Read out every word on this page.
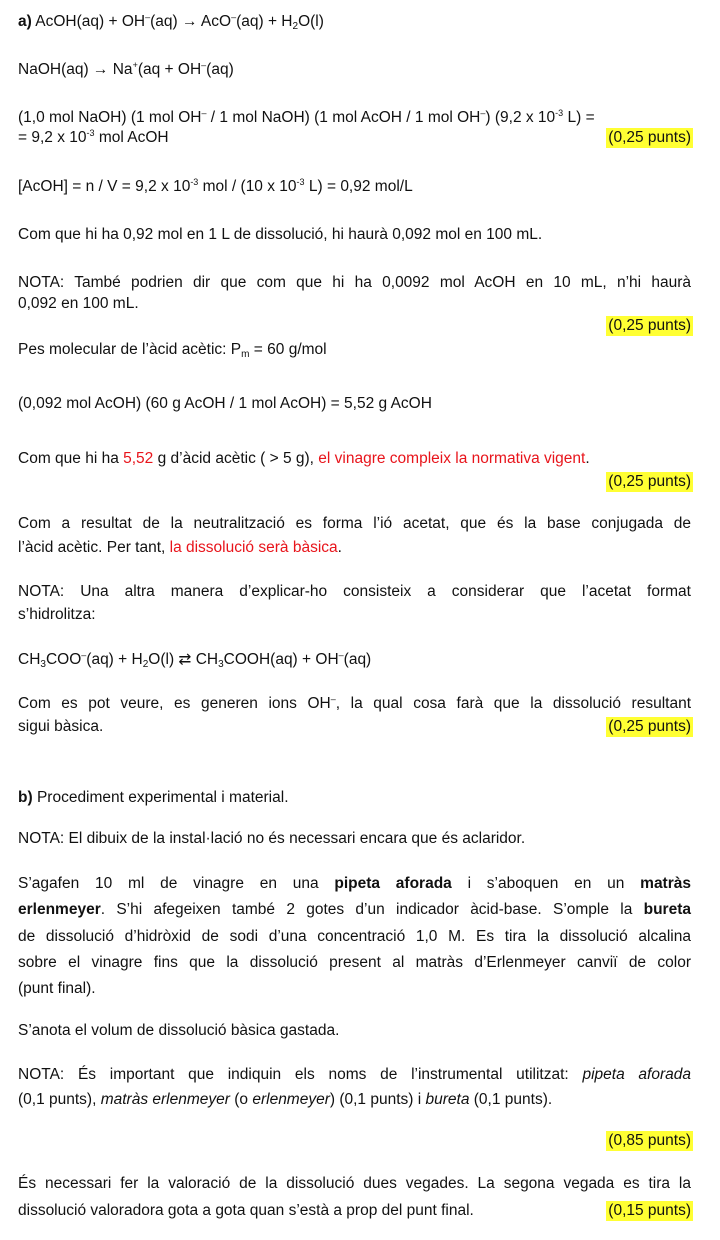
a) AcOH(aq) + $OH^-(aq) \to AcO^-(aq) + H_2O(l)$
NaOH(aq) → Na+(aq + OH–(aq)
(1,0 mol NaOH) (1 mol OH– / 1 mol NaOH) (1 mol AcOH / 1 mol OH–) (9,2 x $10^{-3}$ L) =
= 9,2 x $10^{-3}$ mol AcOH	(0,25 punts)
[AcOH] = n / V = 9,2 x $10^{-3}$ mol / (10 x $10^{-3}$ L) = 0,92 mol/L
Com que hi ha 0,92 mol en 1 L de dissolució, hi haurà 0,092 mol en 100 mL.
NOTA: També podrien dir que com que hi ha 0,0092 mol AcOH en 10 mL, n’hi haurà
0,092 en 100 mL.
(0,25 punts)
Pes molecular de l’àcid acètic: $P_m = 60$ g/mol
(0,092 mol AcOH) (60 g AcOH / 1 mol AcOH) = 5,52 g AcOH
Com que hi ha 5,52 g d’àcid acètic ( > 5 g), el vinagre compleix la normativa vigent.
(0,25 punts)
Com a resultat de la neutralització es forma l’ió acetat, que és la base conjugada de
l’àcid acètic. Per tant, la dissolució serà bàsica.
NOTA: Una altra manera d’explicar-ho consisteix a considerar que l’acetat format
s’hidrolitza:
$CH_3COO^-(aq) + H_2O(l)$ ⇄ $CH_3COOH(aq) + OH^-(aq)$
Com es pot veure, es generen ions OH–, la qual cosa farà que la dissolució resultant
sigui bàsica.	(0,25 punts)
b) Procediment experimental i material.
NOTA: El dibuix de la instal·lació no és necessari encara que és aclaridor.
S’agafen 10 ml de vinagre en una pipeta aforada i s’aboquen en un matràs
erlenmeyer. S’hi afegeixen també 2 gotes d’un indicador àcid-base. S’omple la bureta
de dissolució d’hidròxid de sodi d’una concentració 1,0 M. Es tira la dissolució alcalina
sobre el vinagre fins que la dissolució present al matràs d’Erlenmeyer canviï de color
(punt final).
S’anota el volum de dissolució bàsica gastada.
NOTA: És important que indiquin els noms de l’instrumental utilitzat: pipeta aforada
(0,1 punts), matràs erlenmeyer (o erlenmeyer) (0,1 punts) i bureta (0,1 punts).
(0,85 punts)
És necessari fer la valoració de la dissolució dues vegades. La segona vegada es tira la
dissolució valoradora gota a gota quan s’està a prop del punt final.	(0,15 punts)
